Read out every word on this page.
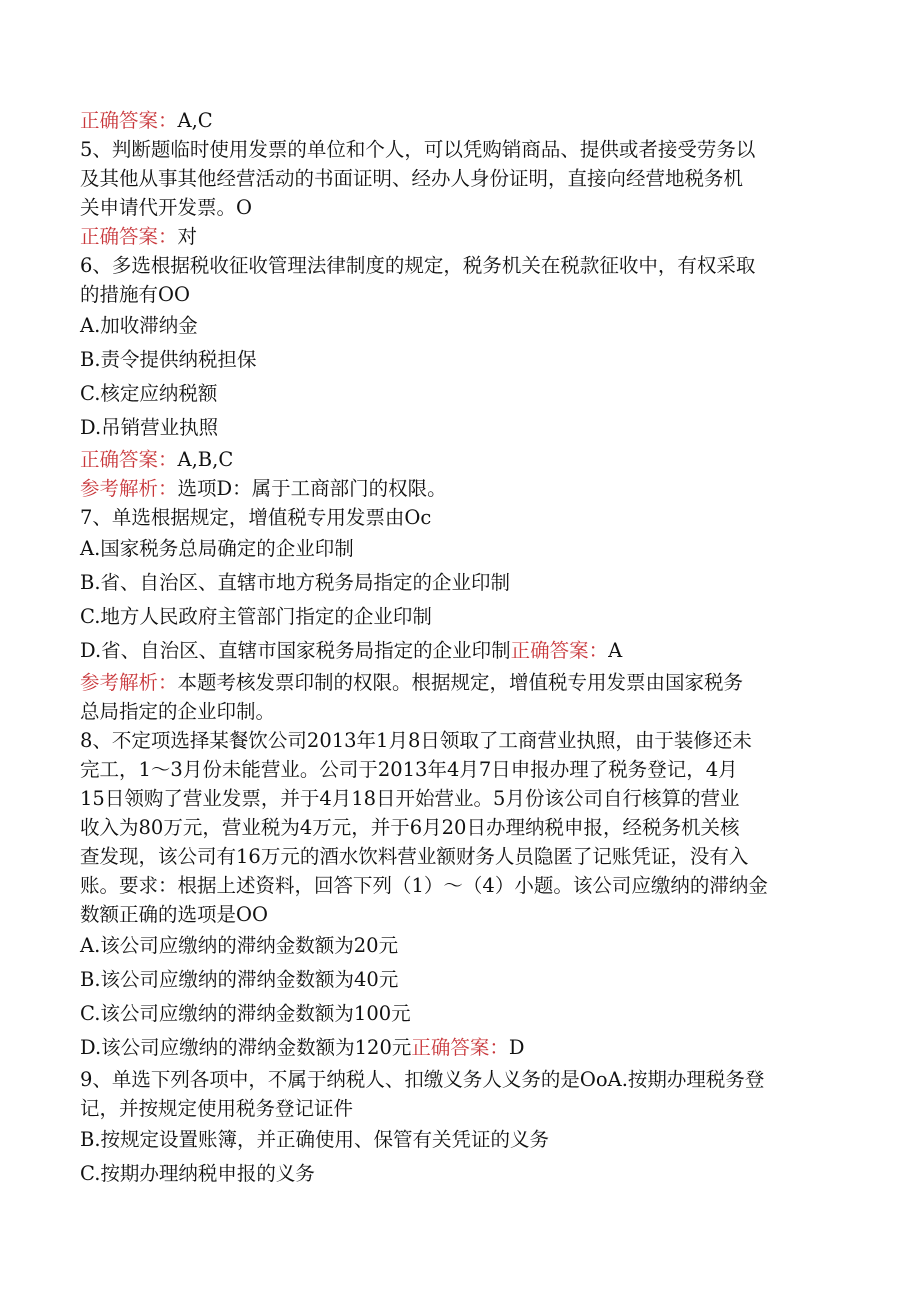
正确答案：A,C
5、判断题临时使用发票的单位和个人，可以凭购销商品、提供或者接受劳务以
及其他从事其他经营活动的书面证明、经办人身份证明，直接向经营地税务机
关申请代开发票。O
正确答案：对
6、多选根据税收征收管理法律制度的规定，税务机关在税款征收中，有权采取
的措施有OO
A.加收滞纳金
B.责令提供纳税担保
C.核定应纳税额
D.吊销营业执照
正确答案：A,B,C
参考解析：选项D：属于工商部门的权限。
7、单选根据规定，增值税专用发票由Oc
A.国家税务总局确定的企业印制
B.省、自治区、直辖市地方税务局指定的企业印制
C.地方人民政府主管部门指定的企业印制
D.省、自治区、直辖市国家税务局指定的企业印制正确答案：A
参考解析：本题考核发票印制的权限。根据规定，增值税专用发票由国家税务
总局指定的企业印制。
8、不定项选择某餐饮公司2013年1月8日领取了工商营业执照，由于装修还未
完工，1～3月份未能营业。公司于2013年4月7日申报办理了税务登记，4月
15日领购了营业发票，并于4月18日开始营业。5月份该公司自行核算的营业
收入为80万元，营业税为4万元，并于6月20日办理纳税申报，经税务机关核
查发现，该公司有16万元的酒水饮料营业额财务人员隐匿了记账凭证，没有入
账。要求：根据上述资料，回答下列（1）～（4）小题。该公司应缴纳的滞纳金
数额正确的选项是OO
A.该公司应缴纳的滞纳金数额为20元
B.该公司应缴纳的滞纳金数额为40元
C.该公司应缴纳的滞纳金数额为100元
D.该公司应缴纳的滞纳金数额为120元正确答案：D
9、单选下列各项中，不属于纳税人、扣缴义务人义务的是OoA.按期办理税务登
记，并按规定使用税务登记证件
B.按规定设置账簿，并正确使用、保管有关凭证的义务
C.按期办理纳税申报的义务
